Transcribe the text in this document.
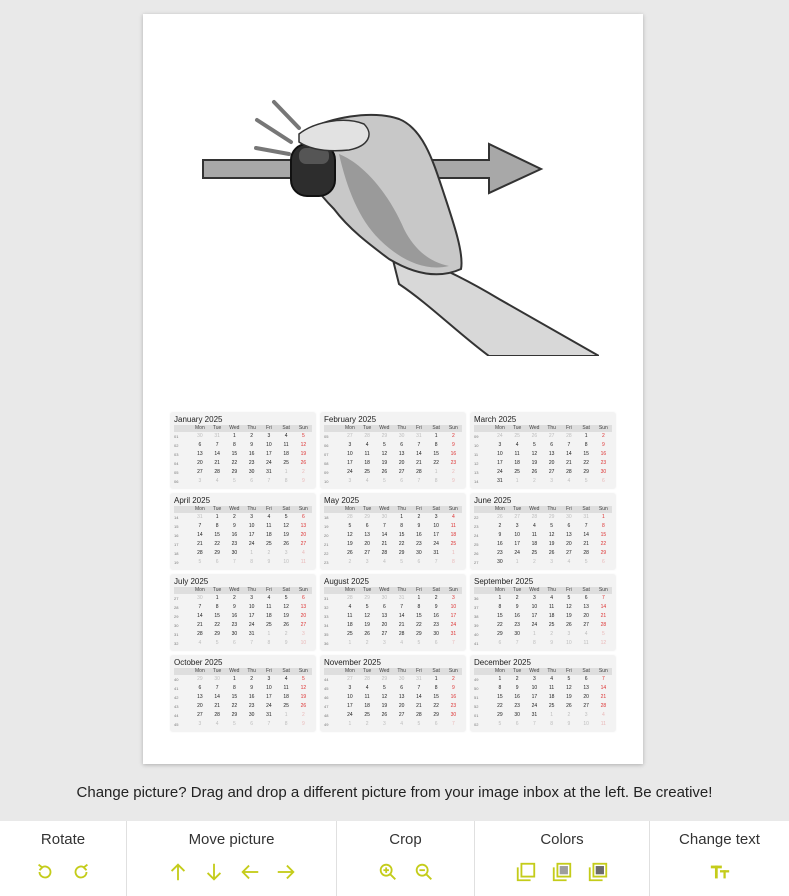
January 2025
	Mon	Tue	Wed	Thu	Fri	Sat	Sun
01	30	31	1	2	3	4	5
02	6	7	8	9	10	11	12
03	13	14	15	16	17	18	19
04	20	21	22	23	24	25	26
05	27	28	29	30	31	1	2
06	3	4	5	6	7	8	9
February 2025
	Mon	Tue	Wed	Thu	Fri	Sat	Sun
05	27	28	29	30	31	1	2
06	3	4	5	6	7	8	9
07	10	11	12	13	14	15	16
08	17	18	19	20	21	22	23
09	24	25	26	27	28	1	2
10	3	4	5	6	7	8	9
March 2025
	Mon	Tue	Wed	Thu	Fri	Sat	Sun
09	24	25	26	27	28	1	2
10	3	4	5	6	7	8	9
11	10	11	12	13	14	15	16
12	17	18	19	20	21	22	23
13	24	25	26	27	28	29	30
14	31	1	2	3	4	5	6
April 2025
	Mon	Tue	Wed	Thu	Fri	Sat	Sun
14	31	1	2	3	4	5	6
15	7	8	9	10	11	12	13
16	14	15	16	17	18	19	20
17	21	22	23	24	25	26	27
18	28	29	30	1	2	3	4
19	5	6	7	8	9	10	11
May 2025
	Mon	Tue	Wed	Thu	Fri	Sat	Sun
18	28	29	30	1	2	3	4
19	5	6	7	8	9	10	11
20	12	13	14	15	16	17	18
21	19	20	21	22	23	24	25
22	26	27	28	29	30	31	1
23	2	3	4	5	6	7	8
June 2025
	Mon	Tue	Wed	Thu	Fri	Sat	Sun
22	26	27	28	29	30	31	1
23	2	3	4	5	6	7	8
24	9	10	11	12	13	14	15
25	16	17	18	19	20	21	22
26	23	24	25	26	27	28	29
27	30	1	2	3	4	5	6
July 2025
	Mon	Tue	Wed	Thu	Fri	Sat	Sun
27	30	1	2	3	4	5	6
28	7	8	9	10	11	12	13
29	14	15	16	17	18	19	20
30	21	22	23	24	25	26	27
31	28	29	30	31	1	2	3
32	4	5	6	7	8	9	10
August 2025
	Mon	Tue	Wed	Thu	Fri	Sat	Sun
31	28	29	30	31	1	2	3
32	4	5	6	7	8	9	10
33	11	12	13	14	15	16	17
34	18	19	20	21	22	23	24
35	25	26	27	28	29	30	31
36	1	2	3	4	5	6	7
September 2025
	Mon	Tue	Wed	Thu	Fri	Sat	Sun
36	1	2	3	4	5	6	7
37	8	9	10	11	12	13	14
38	15	16	17	18	19	20	21
39	22	23	24	25	26	27	28
40	29	30	1	2	3	4	5
41	6	7	8	9	10	11	12
October 2025
	Mon	Tue	Wed	Thu	Fri	Sat	Sun
40	29	30	1	2	3	4	5
41	6	7	8	9	10	11	12
42	13	14	15	16	17	18	19
43	20	21	22	23	24	25	26
44	27	28	29	30	31	1	2
45	3	4	5	6	7	8	9
November 2025
	Mon	Tue	Wed	Thu	Fri	Sat	Sun
44	27	28	29	30	31	1	2
45	3	4	5	6	7	8	9
46	10	11	12	13	14	15	16
47	17	18	19	20	21	22	23
48	24	25	26	27	28	29	30
49	1	2	3	4	5	6	7
December 2025
	Mon	Tue	Wed	Thu	Fri	Sat	Sun
49	1	2	3	4	5	6	7
50	8	9	10	11	12	13	14
51	15	16	17	18	19	20	21
52	22	23	24	25	26	27	28
01	29	30	31	1	2	3	4
02	5	6	7	8	9	10	11
Change picture? Drag and drop a different picture from your image inbox at the left. Be creative!
Rotate	Move picture	Crop	Colors	Change text
